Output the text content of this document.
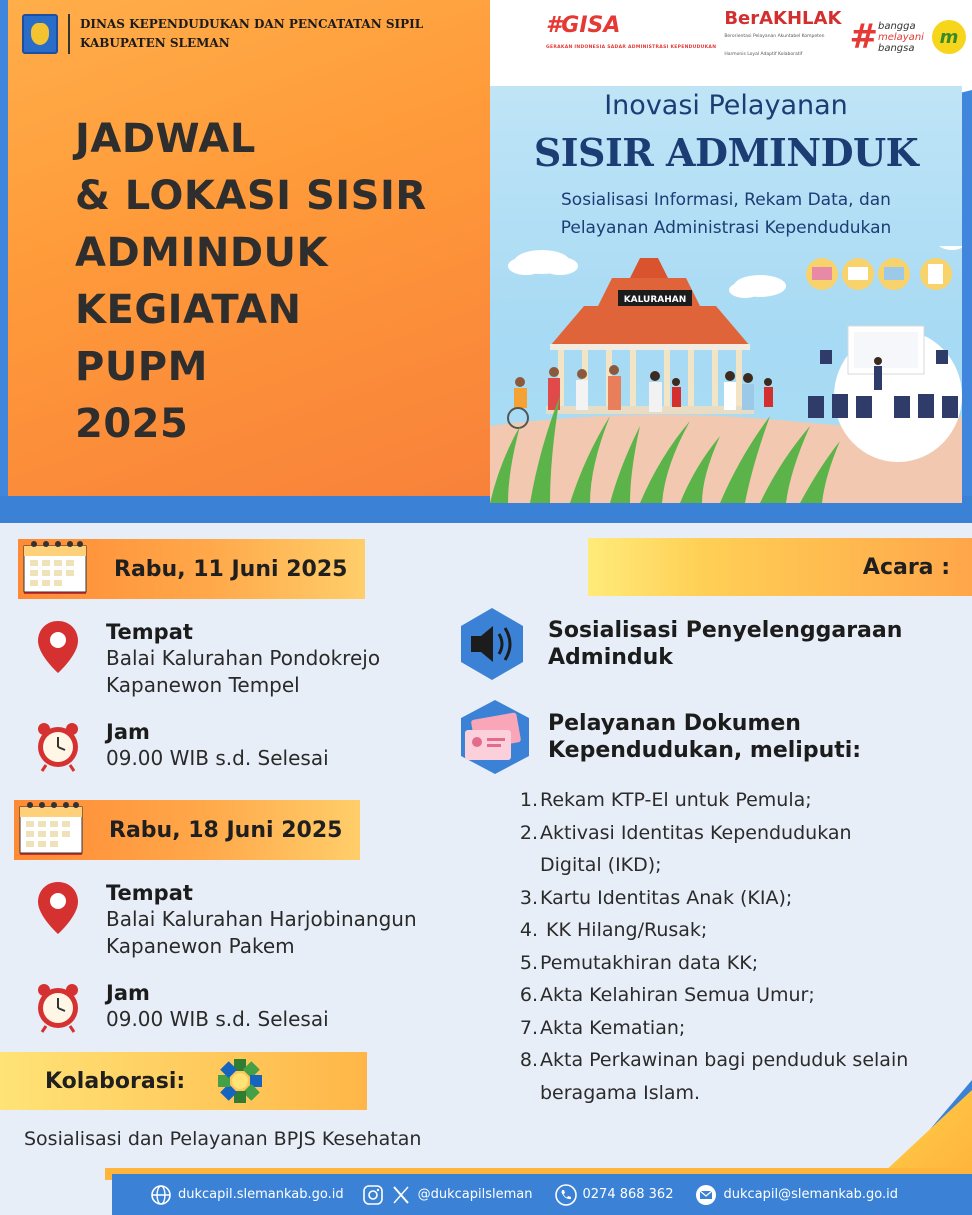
DINAS KEPENDUDUKAN DAN PENCATATAN SIPIL
KABUPATEN SLEMAN
JADWAL
& LOKASI SISIR
ADMINDUK
KEGIATAN
PUPM
2025
#GISA
GERAKAN INDONESIA SADAR ADMINISTRASI KEPENDUDUKAN
BerAKHLAK
Berorientasi Pelayanan Akuntabel Kompeten Harmonis Loyal Adaptif Kolaboratif	# bangga
melayani
bangsa
m
Inovasi Pelayanan
SISIR ADMINDUK
Sosialisasi Informasi, Rekam Data, dan
Pelayanan Administrasi Kependudukan
KALURAHAN
Rabu, 11 Juni 2025
Tempat
Balai Kalurahan Pondokrejo
Kapanewon Tempel
Jam
09.00 WIB s.d. Selesai
Rabu, 18 Juni 2025
Tempat
Balai Kalurahan Harjobinangun
Kapanewon Pakem
Jam
09.00 WIB s.d. Selesai
Kolaborasi:
Sosialisasi dan Pelayanan BPJS Kesehatan
Acara :
Sosialisasi Penyelenggaraan
Adminduk
Pelayanan Dokumen
Kependudukan, meliputi:
1. Rekam KTP-El untuk Pemula;
2. Aktivasi Identitas Kependudukan
Digital (IKD);
3. Kartu Identitas Anak (KIA);
4. KK Hilang/Rusak;
5. Pemutakhiran data KK;
6. Akta Kelahiran Semua Umur;
7. Akta Kematian;
8. Akta Perkawinan bagi penduduk selain
beragama Islam.
dukcapil.slemankab.go.id	@dukcapilsleman	0274 868 362	dukcapil@slemankab.go.id
